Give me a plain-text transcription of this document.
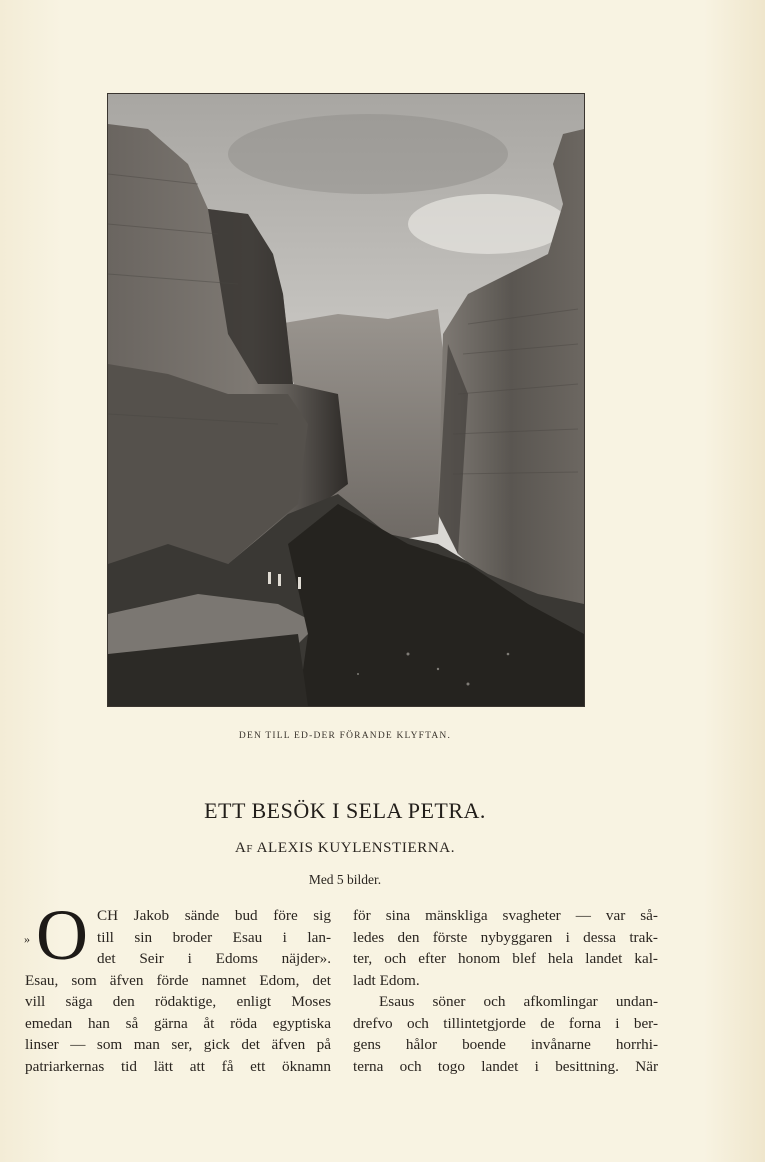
DEN TILL ED-DER FÖRANDE KLYFTAN.
ETT BESÖK I SELA PETRA.
AF ALEXIS KUYLENSTIERNA.
Med 5 bilder.
O
»
CH Jakob sände bud före sig
till sin broder Esau i lan-
det Seir i Edoms näjder».
Esau, som äfven förde namnet Edom, det
vill säga den rödaktige, enligt Moses
emedan han så gärna åt röda egyptiska
linser — som man ser, gick det äfven på
patriarkernas tid lätt att få ett öknamn
för sina mänskliga svagheter — var så-
ledes den förste nybyggaren i dessa trak-
ter, och efter honom blef hela landet kal-
ladt Edom.
Esaus söner och afkomlingar undan-
drefvo och tillintetgjorde de forna i ber-
gens hålor boende invånarne horrhi-
terna och togo landet i besittning. När
